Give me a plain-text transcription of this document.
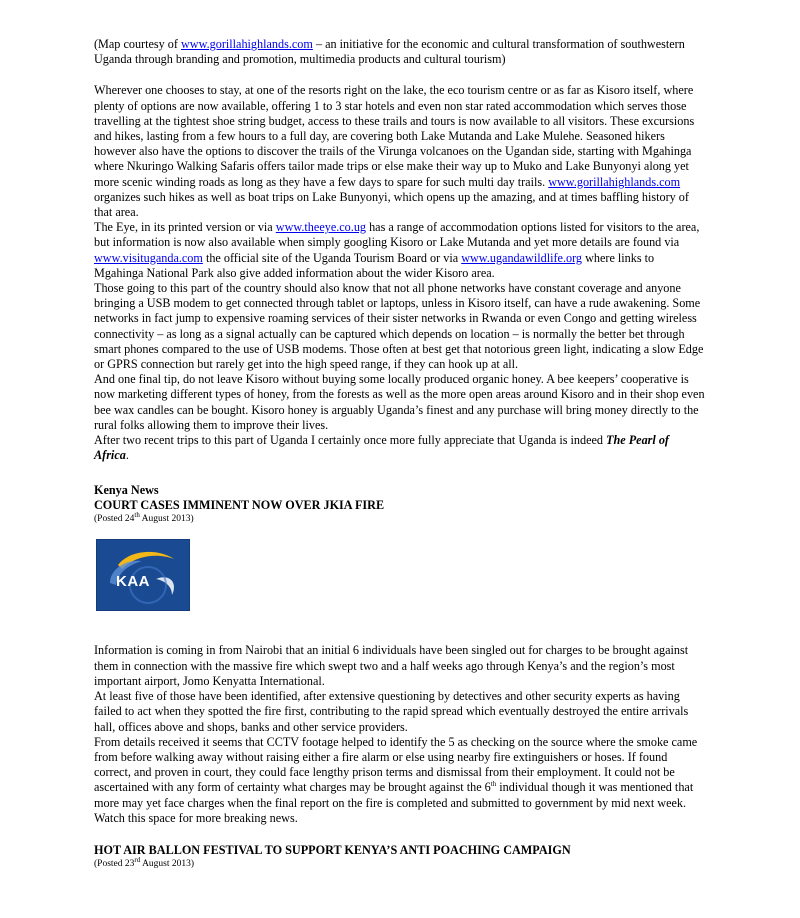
(Map courtesy of www.gorillahighlands.com – an initiative for the economic and cultural transformation of southwestern Uganda through branding and promotion, multimedia products and cultural tourism)

Wherever one chooses to stay, at one of the resorts right on the lake, the eco tourism centre or as far as Kisoro itself, where plenty of options are now available, offering 1 to 3 star hotels and even non star rated accommodation which serves those travelling at the tightest shoe string budget, access to these trails and tours is now available to all visitors. These excursions and hikes, lasting from a few hours to a full day, are covering both Lake Mutanda and Lake Mulehe. Seasoned hikers however also have the options to discover the trails of the Virunga volcanoes on the Ugandan side, starting with Mgahinga where Nkuringo Walking Safaris offers tailor made trips or else make their way up to Muko and Lake Bunyonyi along yet more scenic winding roads as long as they have a few days to spare for such multi day trails. www.gorillahighlands.com organizes such hikes as well as boat trips on Lake Bunyonyi, which opens up the amazing, and at times baffling history of that area.

The Eye, in its printed version or via www.theeye.co.ug has a range of accommodation options listed for visitors to the area, but information is now also available when simply googling Kisoro or Lake Mutanda and yet more details are found via www.visituganda.com the official site of the Uganda Tourism Board or via www.ugandawildlife.org where links to Mgahinga National Park also give added information about the wider Kisoro area.

Those going to this part of the country should also know that not all phone networks have constant coverage and anyone bringing a USB modem to get connected through tablet or laptops, unless in Kisoro itself, can have a rude awakening. Some networks in fact jump to expensive roaming services of their sister networks in Rwanda or even Congo and getting wireless connectivity – as long as a signal actually can be captured which depends on location – is normally the better bet through smart phones compared to the use of USB modems. Those often at best get that notorious green light, indicating a slow Edge or GPRS connection but rarely get into the high speed range, if they can hook up at all.

And one final tip, do not leave Kisoro without buying some locally produced organic honey. A bee keepers’ cooperative is now marketing different types of honey, from the forests as well as the more open areas around Kisoro and in their shop even bee wax candles can be bought. Kisoro honey is arguably Uganda’s finest and any purchase will bring money directly to the rural folks allowing them to improve their lives.

After two recent trips to this part of Uganda I certainly once more fully appreciate that Uganda is indeed The Pearl of Africa.

Kenya News
COURT CASES IMMINENT NOW OVER JKIA FIRE
(Posted 24th August 2013)
KAA

Information is coming in from Nairobi that an initial 6 individuals have been singled out for charges to be brought against them in connection with the massive fire which swept two and a half weeks ago through Kenya’s and the region’s most important airport, Jomo Kenyatta International.

At least five of those have been identified, after extensive questioning by detectives and other security experts as having failed to act when they spotted the fire first, contributing to the rapid spread which eventually destroyed the entire arrivals hall, offices above and shops, banks and other service providers.

From details received it seems that CCTV footage helped to identify the 5 as checking on the source where the smoke came from before walking away without raising either a fire alarm or else using nearby fire extinguishers or hoses. If found correct, and proven in court, they could face lengthy prison terms and dismissal from their employment. It could not be ascertained with any form of certainty what charges may be brought against the 6th individual though it was mentioned that more may yet face charges when the final report on the fire is completed and submitted to government by mid next week. Watch this space for more breaking news.

HOT AIR BALLON FESTIVAL TO SUPPORT KENYA’S ANTI POACHING CAMPAIGN
(Posted 23rd August 2013)
